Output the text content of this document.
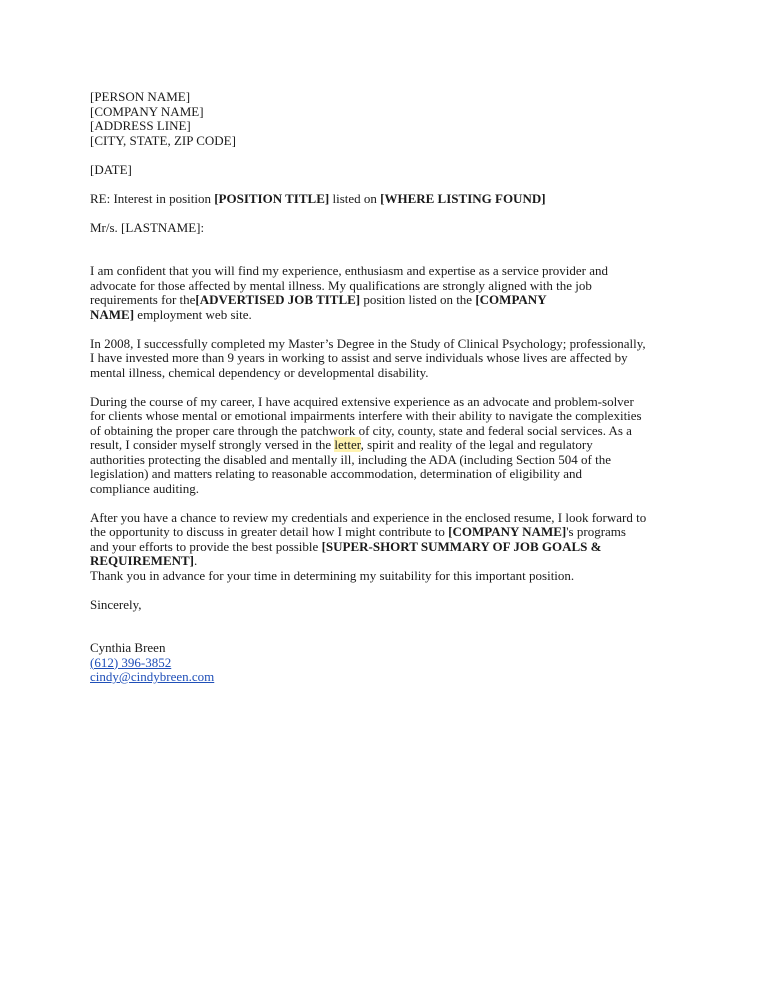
[PERSON NAME]
[COMPANY NAME]
[ADDRESS LINE]
[CITY, STATE, ZIP CODE]
[DATE]
RE: Interest in position [POSITION TITLE] listed on [WHERE LISTING FOUND]
Mr/s. [LASTNAME]:
I am confident that you will find my experience, enthusiasm and expertise as a service provider and
advocate for those affected by mental illness. My qualifications are strongly aligned with the job
requirements for the[ADVERTISED JOB TITLE] position listed on the [COMPANY
NAME] employment web site.
In 2008, I successfully completed my Master’s Degree in the Study of Clinical Psychology; professionally,
I have invested more than 9 years in working to assist and serve individuals whose lives are affected by
mental illness, chemical dependency or developmental disability.
During the course of my career, I have acquired extensive experience as an advocate and problem-solver
for clients whose mental or emotional impairments interfere with their ability to navigate the complexities
of obtaining the proper care through the patchwork of city, county, state and federal social services. As a
result, I consider myself strongly versed in the letter, spirit and reality of the legal and regulatory
authorities protecting the disabled and mentally ill, including the ADA (including Section 504 of the
legislation) and matters relating to reasonable accommodation, determination of eligibility and
compliance auditing.
After you have a chance to review my credentials and experience in the enclosed resume, I look forward to
the opportunity to discuss in greater detail how I might contribute to [COMPANY NAME]'s programs
and your efforts to provide the best possible [SUPER-SHORT SUMMARY OF JOB GOALS &
REQUIREMENT].
Thank you in advance for your time in determining my suitability for this important position.
Sincerely,
Cynthia Breen
(612) 396-3852
cindy@cindybreen.com
